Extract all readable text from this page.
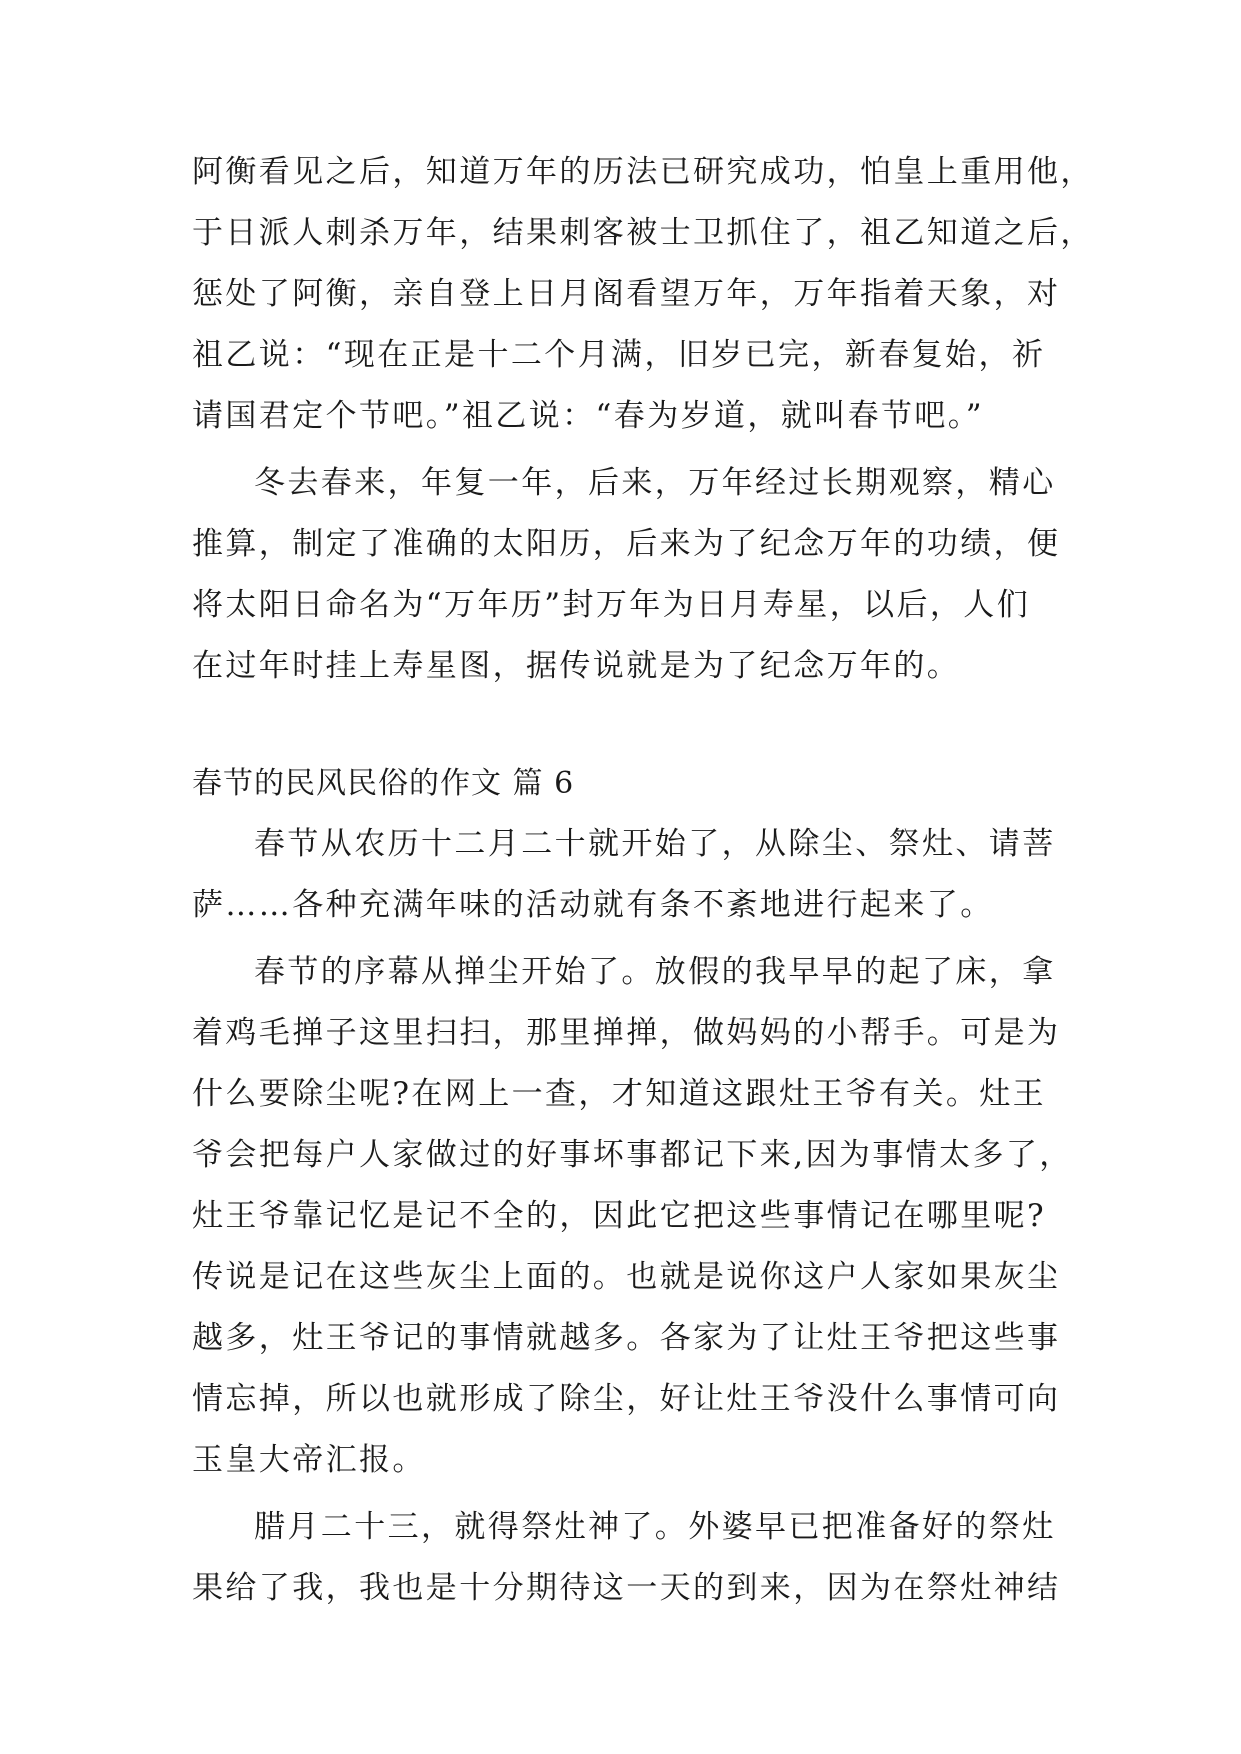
阿衡看见之后，知道万年的历法已研究成功，怕皇上重用他，
于日派人刺杀万年，结果刺客被士卫抓住了，祖乙知道之后，
惩处了阿衡，亲自登上日月阁看望万年，万年指着天象，对
祖乙说：“现在正是十二个月满，旧岁已完，新春复始，祈
请国君定个节吧。”祖乙说：“春为岁道，就叫春节吧。”
冬去春来，年复一年，后来，万年经过长期观察，精心
推算，制定了准确的太阳历，后来为了纪念万年的功绩，便
将太阳日命名为“万年历”封万年为日月寿星，以后，人们
在过年时挂上寿星图，据传说就是为了纪念万年的。
春节的民风民俗的作文 篇 6
春节从农历十二月二十就开始了，从除尘、祭灶、请菩
萨……各种充满年味的活动就有条不紊地进行起来了。
春节的序幕从掸尘开始了。放假的我早早的起了床，拿
着鸡毛掸子这里扫扫，那里掸掸，做妈妈的小帮手。可是为
什么要除尘呢?在网上一查，才知道这跟灶王爷有关。灶王
爷会把每户人家做过的好事坏事都记下来,因为事情太多了，
灶王爷靠记忆是记不全的，因此它把这些事情记在哪里呢?
传说是记在这些灰尘上面的。也就是说你这户人家如果灰尘
越多，灶王爷记的事情就越多。各家为了让灶王爷把这些事
情忘掉，所以也就形成了除尘，好让灶王爷没什么事情可向
玉皇大帝汇报。
腊月二十三，就得祭灶神了。外婆早已把准备好的祭灶
果给了我，我也是十分期待这一天的到来，因为在祭灶神结
